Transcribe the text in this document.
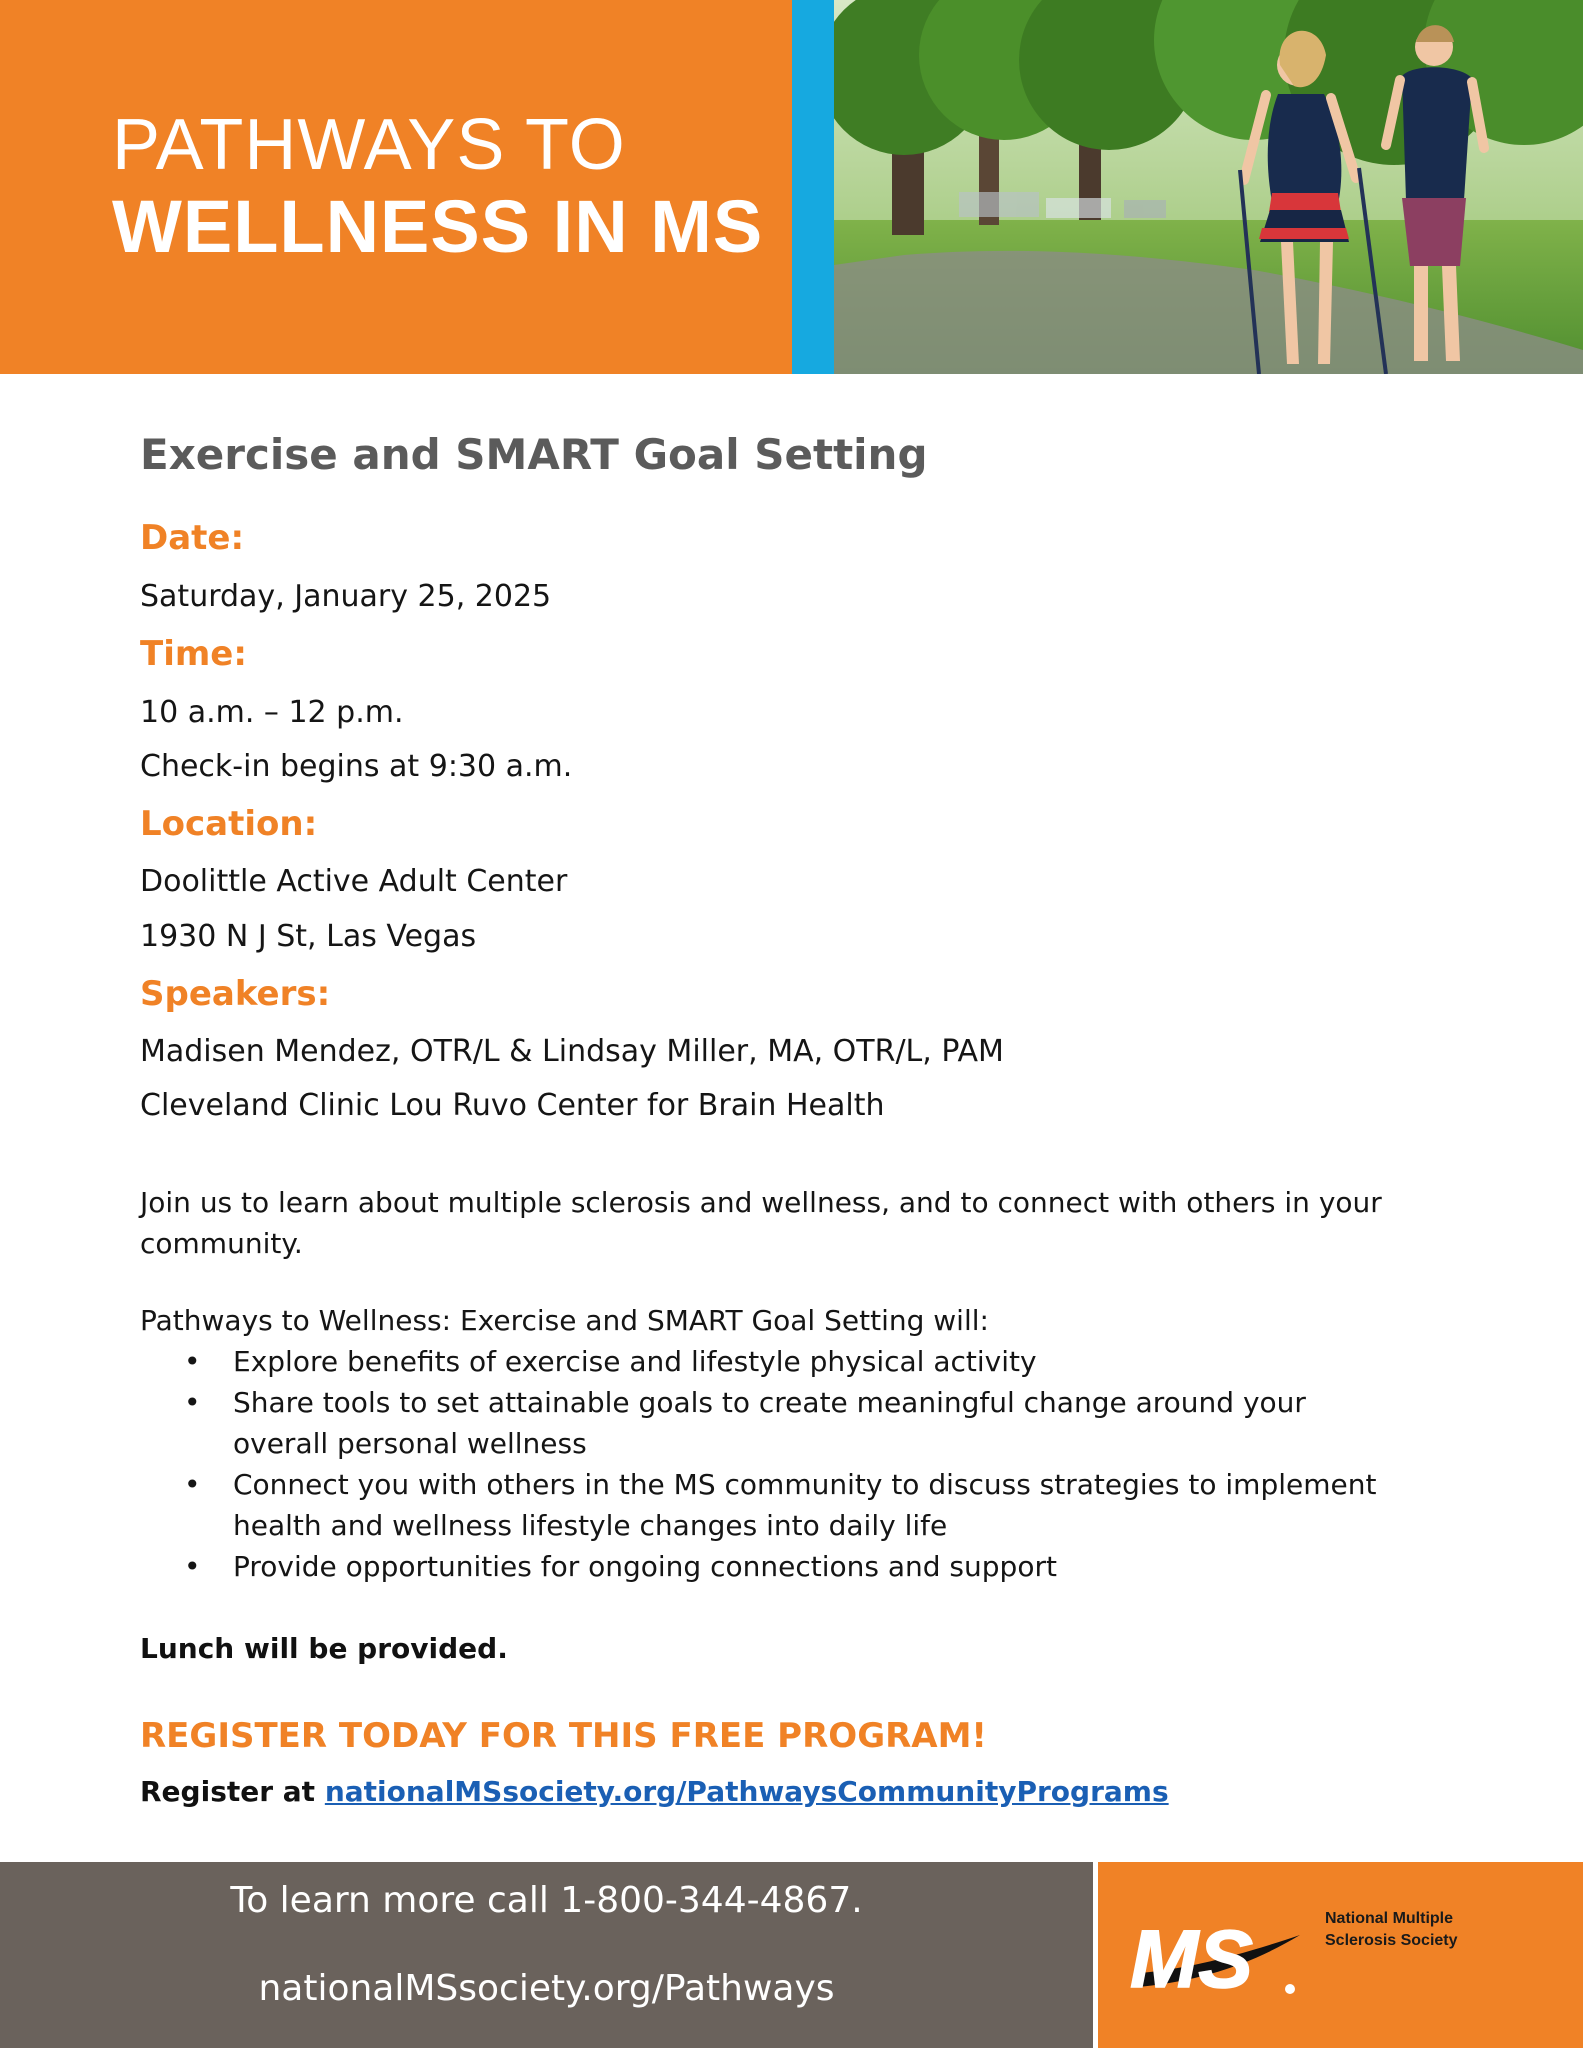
PATHWAYS TO
WELLNESS IN MS
Exercise and SMART Goal Setting
Date:
Saturday, January 25, 2025
Time:
10 a.m. – 12 p.m.
Check-in begins at 9:30 a.m.
Location:
Doolittle Active Adult Center
1930 N J St, Las Vegas
Speakers:
Madisen Mendez, OTR/L & Lindsay Miller, MA, OTR/L, PAM
Cleveland Clinic Lou Ruvo Center for Brain Health
Join us to learn about multiple sclerosis and wellness, and to connect with others in your community.
Pathways to Wellness: Exercise and SMART Goal Setting will:
• Explore benefits of exercise and lifestyle physical activity
• Share tools to set attainable goals to create meaningful change around your overall personal wellness
• Connect you with others in the MS community to discuss strategies to implement health and wellness lifestyle changes into daily life
• Provide opportunities for ongoing connections and support
Lunch will be provided.
REGISTER TODAY FOR THIS FREE PROGRAM!
Register at nationalMSsociety.org/PathwaysCommunityPrograms
To learn more call 1-800-344-4867.
nationalMSsociety.org/Pathways	MS	National Multiple Sclerosis Society
